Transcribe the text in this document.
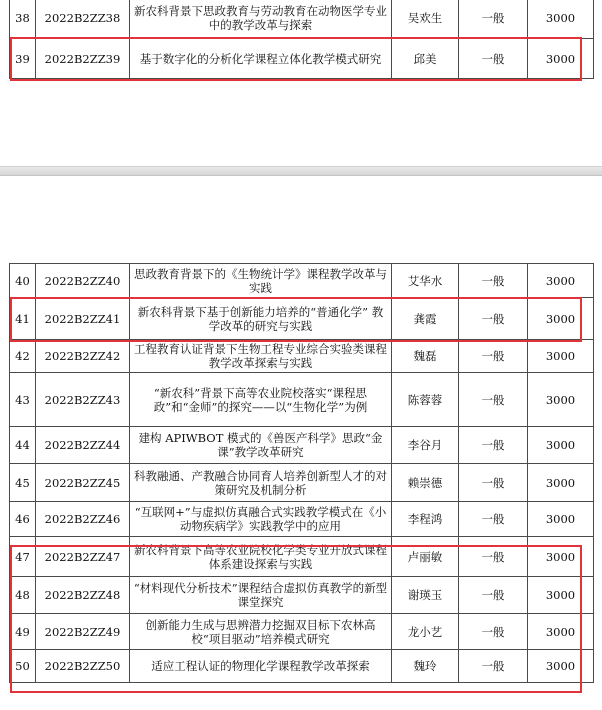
38	2022B2ZZ38	新农科背景下思政教育与劳动教育在动物医学专业中的教学改革与探索	吴欢生	一般	3000
39	2022B2ZZ39	基于数字化的分析化学课程立体化教学模式研究	邱美	一般	3000
40	2022B2ZZ40	思政教育背景下的《生物统计学》课程教学改革与实践	艾华水	一般	3000
41	2022B2ZZ41	新农科背景下基于创新能力培养的“普通化学” 教学改革的研究与实践	龚霞	一般	3000
42	2022B2ZZ42	工程教育认证背景下生物工程专业综合实验类课程教学改革探索与实践	魏磊	一般	3000
43	2022B2ZZ43	“新农科”背景下高等农业院校落实“课程思政”和“金师”的探究——以“生物化学”为例	陈蓉蓉	一般	3000
44	2022B2ZZ44	建构 APIWBOT 模式的《兽医产科学》思政“金课”教学改革研究	李谷月	一般	3000
45	2022B2ZZ45	科教融通、产教融合协同育人培养创新型人才的对策研究及机制分析	赖崇德	一般	3000
46	2022B2ZZ46	“互联网+”与虚拟仿真融合式实践教学模式在《小动物疾病学》实践教学中的应用	李程鸿	一般	3000
47	2022B2ZZ47	新农科背景下高等农业院校化学类专业开放式课程体系建设探索与实践	卢丽敏	一般	3000
48	2022B2ZZ48	“材料现代分析技术”课程结合虚拟仿真教学的新型课堂探究	谢瑛玉	一般	3000
49	2022B2ZZ49	创新能力生成与思辨潜力挖掘双目标下农林高校“项目驱动”培养模式研究	龙小艺	一般	3000
50	2022B2ZZ50	适应工程认证的物理化学课程教学改革探索	魏玲	一般	3000
